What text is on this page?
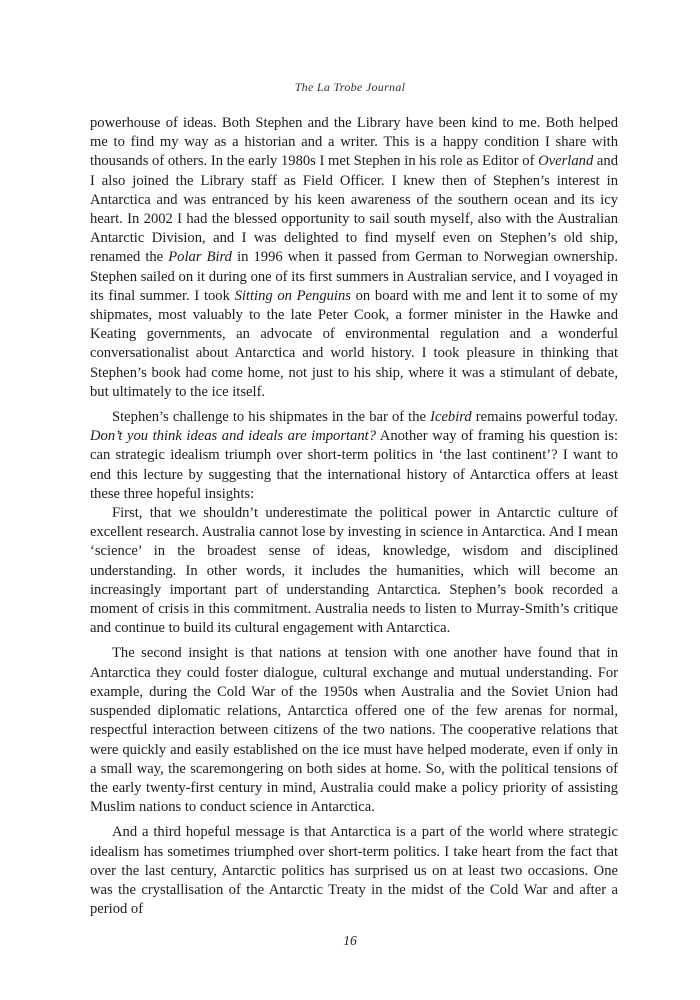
The La Trobe Journal

powerhouse of ideas. Both Stephen and the Library have been kind to me. Both helped me to find my way as a historian and a writer. This is a happy condition I share with thousands of others. In the early 1980s I met Stephen in his role as Editor of Overland and I also joined the Library staff as Field Officer. I knew then of Stephen’s interest in Antarctica and was entranced by his keen awareness of the southern ocean and its icy heart. In 2002 I had the blessed opportunity to sail south myself, also with the Australian Antarctic Division, and I was delighted to find myself even on Stephen’s old ship, renamed the Polar Bird in 1996 when it passed from German to Norwegian ownership. Stephen sailed on it during one of its first summers in Australian service, and I voyaged in its final summer. I took Sitting on Penguins on board with me and lent it to some of my shipmates, most valuably to the late Peter Cook, a former minister in the Hawke and Keating governments, an advocate of environmental regulation and a wonderful conversationalist about Antarctica and world history. I took pleasure in thinking that Stephen’s book had come home, not just to his ship, where it was a stimulant of debate, but ultimately to the ice itself.

Stephen’s challenge to his shipmates in the bar of the Icebird remains powerful today. Don’t you think ideas and ideals are important? Another way of framing his question is: can strategic idealism triumph over short-term politics in ‘the last continent’? I want to end this lecture by suggesting that the international history of Antarctica offers at least these three hopeful insights:

First, that we shouldn’t underestimate the political power in Antarctic culture of excellent research. Australia cannot lose by investing in science in Antarctica. And I mean ‘science’ in the broadest sense of ideas, knowledge, wisdom and disciplined understanding. In other words, it includes the humanities, which will become an increasingly important part of understanding Antarctica. Stephen’s book recorded a moment of crisis in this commitment. Australia needs to listen to Murray-Smith’s critique and continue to build its cultural engagement with Antarctica.

The second insight is that nations at tension with one another have found that in Antarctica they could foster dialogue, cultural exchange and mutual understanding. For example, during the Cold War of the 1950s when Australia and the Soviet Union had suspended diplomatic relations, Antarctica offered one of the few arenas for normal, respectful interaction between citizens of the two nations. The cooperative relations that were quickly and easily established on the ice must have helped moderate, even if only in a small way, the scaremongering on both sides at home. So, with the political tensions of the early twenty-first century in mind, Australia could make a policy priority of assisting Muslim nations to conduct science in Antarctica.

And a third hopeful message is that Antarctica is a part of the world where strategic idealism has sometimes triumphed over short-term politics. I take heart from the fact that over the last century, Antarctic politics has surprised us on at least two occasions. One was the crystallisation of the Antarctic Treaty in the midst of the Cold War and after a period of

16
